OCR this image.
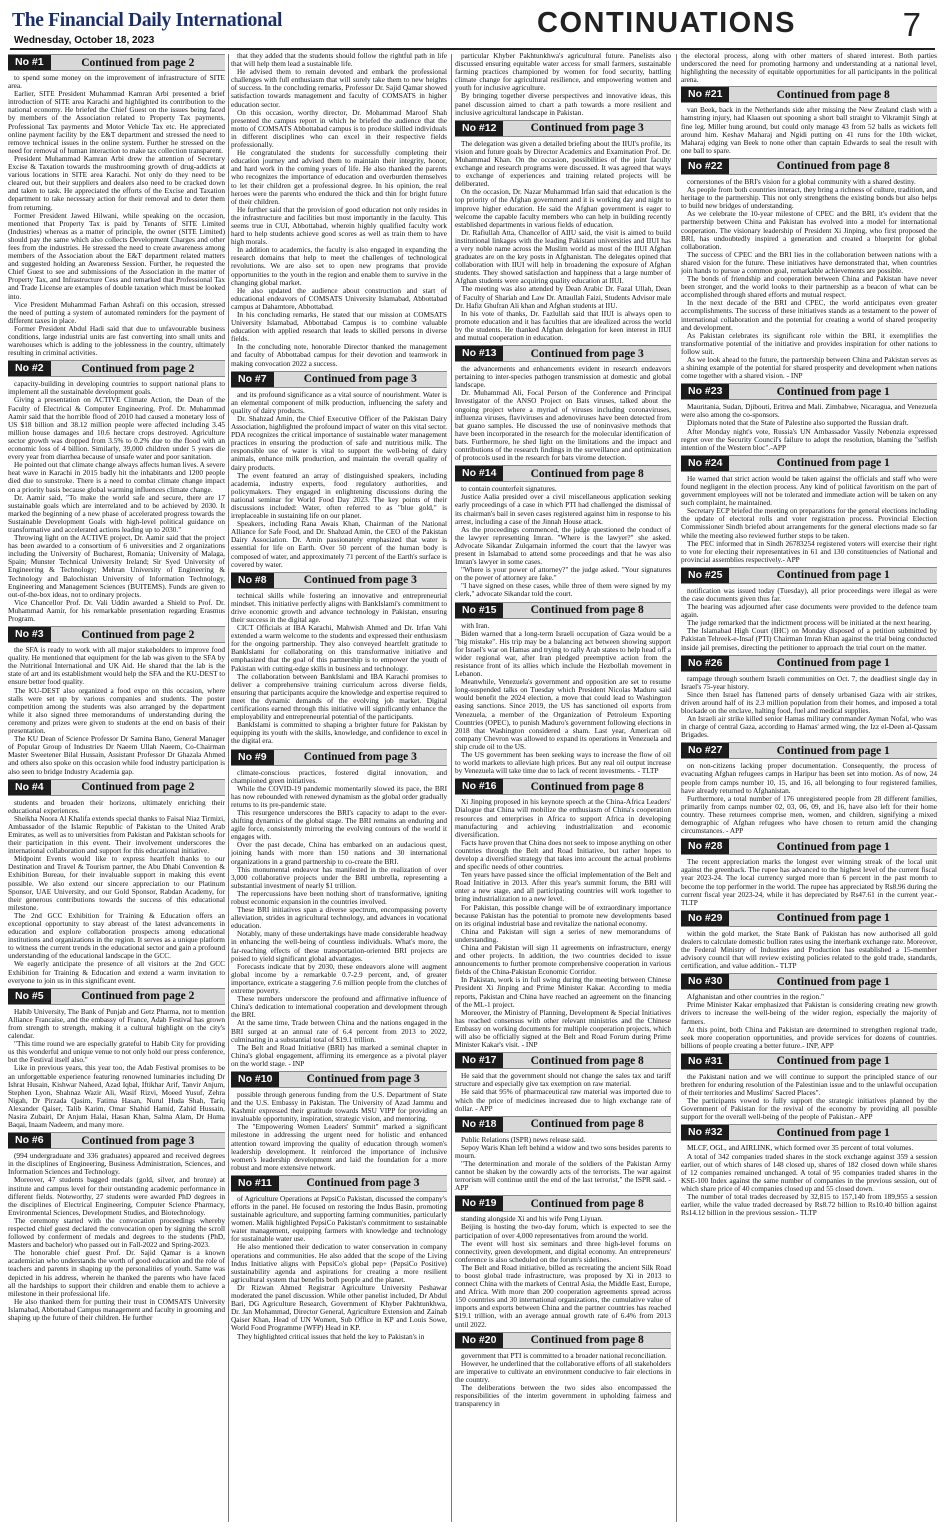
The Financial Daily International
Wednesday, October 18, 2023
CONTINUATIONS	7
No #1	Continued from page 2

to spend some money on the improvement of infrastructure of SITE area.

Earlier, SITE President Muhammad Kamran Arbi presented a brief introduction of SITE area Karachi and highlighted its contribution to the national economy. He briefed the Chief Guest on the issues being faced by members of the Association related to Property Tax payments, Professional Tax payments and Motor Vehicle Tax etc. He appreciated online payment facility by the E&T department and stressed the need to remove technical issues in the online system. Further he stressed on the need for removal of human interaction to make tax collection transparent.

President Muhammad Kamran Arbi drew the attention of Secretary Excise & Taxation towards the mushrooming growth of drug-addicts at various locations in SITE area Karachi. Not only do they need to be cleared out, but their suppliers and dealers also need to be cracked down and taken to task. He appreciated the efforts of the Excise and Taxation department to take necessary action for their removal and to deter them from returning.

Former President Jawed Hilwani, while speaking on the occasion, mentioned that Property Tax is paid by Tenants of SITE Limited (Industries) whereas as a matter of principle, the owner (SITE Limited) should pay the same which also collects Development Charges and other fees from the industries. He stressed the need to create awareness among members of the Association about the E&T department related matters and suggested holding an Awareness Session. Further, he requested the Chief Guest to see and submissions of the Association in the matter of Property Tax, and Infrastructure Cess and remarked that Professional Tax and Trade License are examples of double taxation which must be looked into.

Vice President Muhammad Farhan Ashrafi on this occasion, stressed the need of putting a system of automated reminders for the payment of different taxes in place.

Former President Abdul Hadi said that due to unfavourable business conditions, large industrial units are fast converting into small units and warehouses which is adding to the joblessness in the country, ultimately resulting in criminal activities.

No #2	Continued from page 2

capacity-building in developing countries to support national plans to implement all the sustainable development goals.

Giving a presentation on ACTIVE Climate Action, the Dean of the Faculty of Electrical & Computer Engineering, Prof. Dr. Muhammad Aamir said that the horrible flood of 2010 had caused a monetary loss of US $18 billion and 38.12 million people were affected including 3.45 million house damages and 10.6 hectare crops destroyed. Agriculture sector growth was dropped from 3.5% to 0.2% due to the flood with an economic loss of 4 billion. Similarly, 39,000 children under 5 years die every year from diarrhea because of unsafe water and poor sanitation.

He pointed out that climate change always affects human lives. A severe heat wave in Karachi in 2015 badly hit the inhabitants and 1200 people died due to sunstroke. There is a need to combat climate change impact on a priority basis because global warming influences climate change.

Dr. Aamir said, "To make the world safe and secure, there are 17 sustainable goals which are interrelated and to be achieved by 2030. It marked the beginning of a new phase of accelerated progress towards the Sustainable Development Goals with high-level political guidance on transformative and accelerated actions leading up to 2030."

Throwing light on the ACTIVE project, Dr. Aamir said that the project has been awarded to a consortium of 6 universities and 2 organizations including the University of Bucharest, Romania; University of Malaga, Spain; Munster Technical University Ireland; Sir Syed University of Engineering & Technology; Mehran University of Engineering & Technology and Balochistan University of Information Technology, Engineering and Management Sciences (BUITEMS). Funds are given to out-of-the-box ideas, not to ordinary projects.

Vice Chancellor Prof. Dr. Vali Uddin awarded a Shield to Prof. Dr. Muhammad Aamir, for his remarkable presentation regarding Erasmus Program.

No #3	Continued from page 2

the SFA is ready to work with all major stakeholders to improve food quality. He mentioned that equipment for the lab was given to the SFA by the Nutritional International and UK Aid. He shared that the lab is the state of art and its establishment would help the SFA and the KU-DEST to ensure better food quality.

The KU-DEST also organized a food expo on this occasion, where stalls were set up by various companies and students. The poster competition among the students was also arranged by the department while it also signed three memorandums of understanding during the ceremony and prizes were given to students at the end on basis of their presentation.

The KU Dean of Science Professor Dr Samina Bano, General Manager of Popular Group of Industries Dr Naeem Ullah Naeem, Co-Chairman Master Sweetener Bilal Hussain, Assistant Professor Dr Ghazala Ahmed and others also spoke on this occasion while food industry participation is also seen to bridge Industry Academia gap.

No #4	Continued from page 2

students and broaden their horizons, ultimately enriching their educational experiences.

Sheikha Noora Al Khalifa extends special thanks to Faisal Niaz Tirmizi, Ambassador of the Islamic Republic of Pakistan to the United Arab Emirates, as well as to universities from Pakistan and Pakistan schools for their participation in this event. Their involvement underscores the international collaboration and support for this educational initiative.

Midpoint Events would like to express heartfelt thanks to our Destination and Travel & Tourism partner, the Abu Dhabi Convention & Exhibition Bureau, for their invaluable support in making this event possible. We also extend our sincere appreciation to our Platinum Sponsor, UAE University, and our Gold Sponsor, Rabdan Academy, for their generous contributions towards the success of this educational milestone.

The 2nd GCC Exhibition for Training & Education offers an exceptional opportunity to stay abreast of the latest advancements in education and explore collaboration prospects among educational institutions and organizations in the region. It serves as a unique platform to witness the current trends in the educational sector and gain a profound understanding of the educational landscape in the GCC.

We eagerly anticipate the presence of all visitors at the 2nd GCC Exhibition for Training & Education and extend a warm invitation to everyone to join us in this significant event.

No #5	Continued from page 2

Habib University, The Bank of Punjab and Getz Pharma, not to mention Alliance Francaise, and the embassy of France, Adab Festival has grown from strength to strength, making it a cultural highlight on the city's calendar.

"This time round we are especially grateful to Habib City for providing us this wonderful and unique venue to not only hold our press conference, but the Festival itself also."

Like in previous years, this year too, the Adab Festival promises to be an unforgettable experience featuring renowned luminaries including Dr Ishrat Husain, Kishwar Naheed, Azad Iqbal, Iftikhar Arif, Tanvir Anjum, Stephen Lyon, Shahnaz Wazir Ali, Wasif Rizvi, Moeed Yusuf, Zehra Nigah, Dr Pirzada Qasim, Fatima Hasan, Nurul Huda Shah, Tariq Alexander Qaiser, Talib Karim, Omar Shahid Hamid, Zahid Hussain, Nasira Zubairi, Dr Anjum Halai, Hasan Khan, Salma Alam, Dr Huma Baqai, Inaam Nadeem, and many more.

No #6	Continued from page 3

(994 undergraduate and 336 graduates) appeared and received degrees in the disciplines of Engineering, Business Administration, Sciences, and Information Sciences and Technology.

Moreover, 47 students bagged medals (gold, silver, and bronze) at institute and campus level for their outstanding academic performance in different fields. Noteworthy, 27 students were awarded PhD degrees in the disciplines of Electrical Engineering, Computer Science Pharmacy, Environmental Sciences, Development Studies, and Biotechnology.

The ceremony started with the convocation proceedings whereby respected chief guest declared the convocation open by signing the scroll followed by conferment of medals and degrees to the students (PhD, Masters and bachelor) who passed out in Fall-2022 and Spring-2023.

The honorable chief guest Prof. Dr. Sajid Qamar is a known academician who understands the worth of good education and the role of teachers and parents in shaping up the personalities of youth. Same was depicted in his address, wherein he thanked the parents who have faced all the hardships to support their children and enable them to achieve a milestone in their professional life.

He also thanked them for putting their trust in COMSATS University Islamabad, Abbottabad Campus management and faculty in grooming and shaping up the future of their children. He further

that they added that the students should follow the rightful path in life that will help them lead a sustainable life.

He advised them to remain devoted and embark the professional challenges with full enthusiasm that will surely take them to new heights of success. In the concluding remarks, Professor Dr. Sajid Qamar showed satisfaction towards management and faculty of COMSATS in higher education sector.

On this occasion, worthy director, Dr. Mohammad Maroof Shah presented the campus report in which he briefed the audience that the motto of COMSATS Abbottabad campus is to produce skilled individuals in different disciplines who can excel in their respective fields professionally.

He congratulated the students for successfully completing their education journey and advised them to maintain their integrity, honor, and hard work in the coming years of life. He also thanked the parents who recognizes the importance of education and overburden themselves to let their children get a professional degree. In his opinion, the real heroes were the parents who endured the thick and thin for bright future of their children.

He further said that the provision of good education not only resides in the infrastructure and facilities but most importantly in the faculty. This seems true in CUI, Abbottabad, wherein highly qualified faculty work hard to help students achieve good scores as well as train them to have high morals.

In addition to academics, the faculty is also engaged in expanding the research domains that help to meet the challenges of technological revolutions. We are also set to open new programs that provide opportunities to the youth in the region and enable them to survive in the changing global market.

He also updated the audience about construction and start of educational endeavors of COMSATS University Islamabad, Abbottabad campus at Dahamtore, Abbottabad.

In his concluding remarks, He stated that our mission at COMSATS University Islamabad, Abbottabad Campus is to combine valuable education with applied research that leads to skilled persons in diverse fields.

In the concluding note, honorable Director thanked the management and faculty of Abbottabad campus for their devotion and teamwork in making convocation 2022 a success.

No #7	Continued from page 3

and its profound significance as a vital source of nourishment. Water is an elemental component of milk production, influencing the safety and quality of dairy products.

Dr. Shahzad Amin, the Chief Executive Officer of the Pakistan Dairy Association, highlighted the profound impact of water on this vital sector. PDA recognizes the critical importance of sustainable water management practices in ensuring the production of safe and nutritious milk. The responsible use of water is vital to support the well-being of dairy animals, enhance milk production, and maintain the overall quality of dairy products.

The event featured an array of distinguished speakers, including academia, industry experts, food regulatory authorities, and policymakers. They engaged in enlightening discussions during the national seminar for World Food Day 2023. The key points of their discussions included: Water, often referred to as "blue gold," is irreplaceable in sustaining life on our planet.

Speakers, including Rana Awais Khan, Chairman of the National Alliance for Safe Food, and Dr. Shahzad Amin, the CEO of the Pakistan Dairy Association. Dr. Amin passionately emphasized that water is essential for life on Earth. Over 50 percent of the human body is composed of water, and approximately 71 percent of the Earth's surface is covered by water.

No #8	Continued from page 3

technical skills while fostering an innovative and entrepreneurial mindset. This initiative perfectly aligns with BankIslami's commitment to drive economic growth and advance technology in Pakistan, ensuring their success in the digital age.

CICT Officials at IBA Karachi, Mahwish Ahmed and Dr. Irfan Vahi extended a warm welcome to the students and expressed their enthusiasm for the ongoing partnership. They also conveyed heartfelt gratitude to BankIslami for collaborating on this transformative initiative and emphasized that the goal of this partnership is to empower the youth of Pakistan with cutting-edge skills in business and technology.

The collaboration between BankIslami and IBA Karachi promises to deliver a comprehensive training curriculum across diverse fields, ensuring that participants acquire the knowledge and expertise required to meet the dynamic demands of the evolving job market. Digital certifications earned through this initiative will significantly enhance the employability and entrepreneurial potential of the participants.

BankIslami is committed to shaping a brighter future for Pakistan by equipping its youth with the skills, knowledge, and confidence to excel in the digital era.

No #9	Continued from page 3

climate-conscious practices, fostered digital innovation, and championed green initiatives.

While the COVID-19 pandemic momentarily slowed its pace, the BRI has now rebounded with renewed dynamism as the global order gradually returns to its pre-pandemic state.

This resurgence underscores the BRI's capacity to adapt to the ever-shifting dynamics of the global stage. The BRI remains an enduring and agile force, consistently mirroring the evolving contours of the world it engages with.

Over the past decade, China has embarked on an audacious quest, joining hands with more than 150 nations and 30 international organizations in a grand partnership to co-create the BRI.

This monumental endeavor has manifested in the realization of over 3,000 collaborative projects under the BRI umbrella, representing a substantial investment of nearly $1 trillion.

The repercussions have been nothing short of transformative, igniting robust economic expansion in the countries involved.

These BRI initiatives span a diverse spectrum, encompassing poverty alleviation, strides in agricultural technology, and advances in vocational education.

Notably, many of these undertakings have made considerable headway in enhancing the well-being of countless individuals. What's more, the far-reaching effects of these transportation-oriented BRI projects are poised to yield significant global advantages.

Forecasts indicate that by 2030, these endeavors alone will augment global income by a remarkable 0.7-2.9 percent, and, of greater importance, extricate a staggering 7.6 million people from the clutches of extreme poverty.

These numbers underscore the profound and affirmative influence of China's dedication to international cooperation and development through the BRI.

At the same time, Trade between China and the nations engaged in the BRI surged at an annual rate of 6.4 percent from 2013 to 2022, culminating in a substantial total of $19.1 trillion.

The Belt and Road Initiative (BRI) has marked a seminal chapter in China's global engagement, affirming its emergence as a pivotal player on the world stage. - INP

No #10	Continued from page 3

possible through generous funding from the U.S. Department of State and the U.S. Embassy in Pakistan. The University of Azad Jammu and Kashmir expressed their gratitude towards MSU VIPP for providing an invaluable opportunity, inspiration, strategic vision, and mentoring.

The "Empowering Women Leaders' Summit" marked a significant milestone in addressing the urgent need for holistic and enhanced attention toward improving the quality of education through women's leadership development. It reinforced the importance of inclusive women's leadership development and laid the foundation for a more robust and more extensive network.

No #11	Continued from page 3

of Agriculture Operations at PepsiCo Pakistan, discussed the company's efforts in the panel. He focused on restoring the Indus Basin, promoting sustainable agriculture, and supporting farming communities, particularly women. Malik highlighted PepsiCo Pakistan's commitment to sustainable water management, equipping farmers with knowledge and technology for sustainable water use.

He also mentioned their dedication to water conservation in company operations and communities. He also added that the scope of the Living Indus Initiative aligns with PepsiCo's global pep+ (PepsiCo Positive) sustainability agenda and aspirations for creating a more resilient agricultural system that benefits both people and the planet.

Dr Rizwan Ahmed Registrar Agriculture University Peshawar moderated the panel discussion. While other panelist included, Dr Abdul Bari, DG Agriculture Research, Government of Khyber Pakhtunkhwa, Dr. Jan Mohammad, Director General, Agriculture Extension and Zainab Qaiser Khan, Head of UN Women, Sub Office in KP and Louis Sowe, World Food Programme (WFP) Head in KP.

They highlighted critical issues that held the key to Pakistan's in

particular Khyber Pakhtunkhwa's agricultural future. Panelists also discussed ensuring equitable water access for small farmers, sustainable farming practices championed by women for food security, battling climate change for agricultural resilience, and empowering women and youth for inclusive agriculture.

By bringing together diverse perspectives and innovative ideas, this panel discussion aimed to chart a path towards a more resilient and inclusive agricultural landscape in Pakistan.

No #12	Continued from page 3

The delegation was given a detailed briefing about the IIUI's profile, its vision and future goals by Director Academics and Examination Prof. Dr. Muhammad Khan. On the occasion, possibilities of the joint faculty exchange and research programs were discussed. It was agreed that ways to exchange of experiences and training related projects will be deliberated.

On the occasion, Dr. Nazar Muhammad Irfan said that education is the top priority of the Afghan government and it is working day and night to improve higher education. He said the Afghan government is eager to welcome the capable faculty members who can help in building recently established departments in various fields of education.

Dr. Rafiullah Atta, Chancellor of AIIU said, the visit is aimed to build institutional linkages with the leading Pakistani universities and IIUI has a very noble name across the Muslim world as most of the IIUI Afghan graduates are on the key posts in Afghanistan. The delegates opined that collaboration with IIUI will help in broadening the exposure of Afghan students. They showed satisfaction and happiness that a large number of Afghan students were acquiring quality education at IIUI.

The meeting was also attended by Dean Arabic Dr. Fazal Ullah, Dean of Faculty of Shariah and Law Dr. Attaullah Faizi, Students Advisor male Dr. Hafiz Ghufran Ali khan and Afghan students at IIU.

In his vote of thanks, Dr. Fazlullah said that IIUI is always open to promote education and it has faculties that are idealized across the world by the students. He thanked Afghan delegation for keen interest in IIUI and mutual cooperation in education.

No #13	Continued from page 3

the advancements and enhancements evident in research endeavors pertaining to inter-species pathogen transmission at domestic and global landscape.

Dr. Muhammad Ali, Focal Person of the Conference and Principal Investigator of the ANSO Project on Bats viruses, talked about the ongoing project where a myriad of viruses including coronaviruses, influenza viruses, flaviviruses and adenoviruses have been detected from bat guano samples. He discussed the use of noninvasive methods that have been incorporated in the research for the molecular identification of bats. Furthermore, he shed light on the limitations and the impact and contributions of the research findings in the surveillance and optimization of protocols used in the research for bats virome detection.

No #14	Continued from page 8

to contain counterfeit signatures.

Justice Aalia presided over a civil miscellaneous application seeking early proceedings of a case in which PTI had challenged the dismissal of its chairman's bail in seven cases registered against him in response to his arrest, including a case of the Jinnah House attack.

As the proceedings commenced, the judge questioned the conduct of the lawyer representing Imran. "Where is the lawyer?" she asked. Advocate Sikandar Zulqarnain informed the court that the lawyer was present in Islamabad to attend some proceedings and that he was also Imran's lawyer in some cases.

"Where is your power of attorney?" the judge asked. "Your signatures on the power of attorney are fake."

"I have signed on these cases, while three of them were signed by my clerk," advocate Sikandar told the court.

No #15	Continued from page 8

with Iran.

Biden warned that a long-term Israeli occupation of Gaza would be a "big mistake". His trip may be a balancing act between showing support for Israel's war on Hamas and trying to rally Arab states to help head off a wider regional war, after Iran pledged preemptive action from the resistance front of its allies which include the Hezbollah movement in Lebanon.

Meanwhile, Venezuela's government and opposition are set to resume long-suspended talks on Tuesday which President Nicolas Maduro said would benefit the 2024 election, a move that could lead to Washington easing sanctions. Since 2019, the US has sanctioned oil exports from Venezuela, a member of the Organization of Petroleum Exporting Countries (OPEC), to punish Maduro's government following elections in 2018 that Washington considered a sham. Last year, American oil company Chevron was allowed to expand its operations in Venezuela and ship crude oil to the US.

The US government has been seeking ways to increase the flow of oil to world markets to alleviate high prices. But any real oil output increase by Venezuela will take time due to lack of recent investments. - TLTP

No #16	Continued from page 8

Xi Jinping proposed in his keynote speech at the China-Africa Leaders' Dialogue that China will mobilize the enthusiasm of China's cooperation resources and enterprises in Africa to support Africa in developing manufacturing and achieving industrialization and economic diversification.

Facts have proven that China does not seek to impose anything on other countries through the Belt and Road Initiative, but rather hopes to develop a diversified strategy that takes into account the actual problems and specific needs of other countries.

Ten years have passed since the official implementation of the Belt and Road Initiative in 2013. After this year's summit forum, the BRI will enter a new stage, and all participating countries will work together to bring industrialization to a new level.

For Pakistan, this possible change will be of extraordinary importance because Pakistan has the potential to promote new developments based on its original industrial base and revitalize the national economy.

China and Pakistan will sign a series of new memorandums of understanding.

China and Pakistan will sign 11 agreements on infrastructure, energy and other projects. In addition, the two countries decided to issue announcements to further promote comprehensive cooperation in various fields of the China-Pakistan Economic Corridor.

In Pakistan, work is in full swing during the meeting between Chinese President Xi Jinping and Prime Minister Kakar. According to media reports, Pakistan and China have reached an agreement on the financing of the ML-1 project.

Moreover, the Ministry of Planning, Development & Special Initiatives has reached consensus with other relevant ministries and the Chinese Embassy on working documents for multiple cooperation projects, which will also be officially signed at the Belt and Road Forum during Prime Minister Kakar's visit. - INP

No #17	Continued from page 8

He said that the government should not change the sales tax and tariff structure and especially give tax exemption on raw material.

He said that 95% of pharmaceutical raw material was imported due to which the price of medicines increased due to high exchange rate of dollar. - APP

No #18	Continued from page 8

Public Relations (ISPR) news release said.

Sepoy Waris Khan left behind a widow and two sons besides parents to mourn.

"The determination and morale of the soldiers of the Pakistan Army cannot be shaken by the cowardly acts of the terrorists. The war against terrorism will continue until the end of the last terrorist," the ISPR said. - APP

No #19	Continued from page 8

standing alongside Xi and his wife Peng Liyuan.

Beijing is hosting the two-day forum, which is expected to see the participation of over 4,000 representatives from around the world.

The event will host six seminars and three high-level forums on connectivity, green development, and digital economy. An entrepreneurs' conference is also scheduled on the forum's sidelines.

The Belt and Road initiative, billed as recreating the ancient Silk Road to boost global trade infrastructure, was proposed by Xi in 2013 to connect China with the markets of Central Asia, the Middle East, Europe, and Africa. With more than 200 cooperation agreements spread across 150 countries and 30 international organizations, the cumulative value of imports and exports between China and the partner countries has reached $19.1 trillion, with an average annual growth rate of 6.4% from 2013 until 2022.

No #20	Continued from page 8

government that PTI is committed to a broader national reconciliation.

However, he underlined that the collaborative efforts of all stakeholders are imperative to cultivate an environment conducive to fair elections in the country.

The deliberations between the two sides also encompassed the responsibilities of the interim government in upholding fairness and transparency in

the electoral process, along with other matters of shared interest. Both parties underscored the need for promoting harmony and understanding at a national level, highlighting the necessity of equitable opportunities for all participants in the political arena.

No #21	Continued from page 8

van Beek, back in the Netherlands side after missing the New Zealand clash with a hamstring injury, had Klaasen out spooning a short ball straight to Vikramjit Singh at fine leg. Miller hung around, but could only manage 43 from 52 balls as wickets fell around him. Keshav Maharaj and Ngidi putting on 41 runs for the 10th wicket, Maharaj edging van Beek to none other than captain Edwards to seal the result with one ball to spare.

No #22	Continued from page 8

cornerstones of the BRI's vision for a global community with a shared destiny.

As people from both countries interact, they bring a richness of culture, tradition, and heritage to the partnership. This not only strengthens the existing bonds but also helps to build new bridges of understanding.

As we celebrate the 10-year milestone of CPEC and the BRI, it's evident that the partnership between China and Pakistan has evolved into a model for international cooperation. The visionary leadership of President Xi Jinping, who first proposed the BRI, has undoubtedly inspired a generation and created a blueprint for global collaboration.

The success of CPEC and the BRI lies in the collaboration between nations with a shared vision for the future. These initiatives have demonstrated that, when countries join hands to pursue a common goal, remarkable achievements are possible.

The bonds of friendship and cooperation between China and Pakistan have never been stronger, and the world looks to their partnership as a beacon of what can be accomplished through shared efforts and mutual respect.

In the next decade of the BRI and CPEC, the world anticipates even greater accomplishments. The success of these initiatives stands as a testament to the power of international collaboration and the potential for creating a world of shared prosperity and development.

As Pakistan celebrates its significant role within the BRI, it exemplifies the transformative potential of the initiative and provides inspiration for other nations to follow suit.

As we look ahead to the future, the partnership between China and Pakistan serves as a shining example of the potential for shared prosperity and development when nations come together with a shared vision. - INP

No #23	Continued from page 1

Mauritania, Sudan, Djibouti, Eritrea and Mali. Zimbabwe, Nicaragua, and Venezuela were also among the co-sponsors.

Diplomats noted that the State of Palestine also supported the Russian draft.

After Monday night's vote, Russia's UN Ambassador Vassily Nebenzia expressed regret over the Security Council's failure to adopt the resolution, blaming the "selfish intention of the Western bloc".-APP

No #24	Continued from page 1

He warned that strict action would be taken against the officials and staff who were found negligent in the election process. Any kind of political favoritism on the part of government employees will not be tolerated and immediate action will be taken on any such complaint, he maintained.

Secretary ECP briefed the meeting on preparations for the general elections including the update of electoral rolls and voter registration process. Provincial Election Commissioner Sindh briefed about arrangements for the general elections made so far while the meeting also reviewed further steps to be taken.

The PEC informed that in Sindh 26783254 registered voters will exercise their right to vote for electing their representatives in 61 and 130 constituencies of National and provincial assemblies respectively.- APP

No #25	Continued from page 1

notification was issued today (Tuesday), all prior proceedings were illegal as were the case documents given thus far.

The hearing was adjourned after case documents were provided to the defence team again.

The judge remarked that the indictment process will be initiated at the next hearing.

The Islamabad High Court (IHC) on Monday disposed of a petition submitted by Pakistan Tehreek-e-Insaf (PTI) Chairman Imran Khan against the trial being conducted inside jail premises, directing the petitioner to approach the trial court on the matter.

No #26	Continued from page 1

rampage through southern Israeli communities on Oct. 7, the deadliest single day in Israel's 75-year history.

Since then Israel has flattened parts of densely urbanised Gaza with air strikes, driven around half of its 2.3 million population from their homes, and imposed a total blockade on the enclave, halting food, fuel and medical supplies.

An Israeli air strike killed senior Hamas military commander Ayman Nofal, who was in charge of central Gaza, according to Hamas' armed wing, the Izz el-Deen al-Qassam Brigades.

No #27	Continued from page 1

on non-citizens lacking proper documentation. Consequently, the process of evacuating Afghan refugees camps in Haripur has been set into motion. As of now, 24 people from camps number 10, 15, and 16, all belonging to four registered families, have already returned to Afghanistan.

Furthermore, a total number of 176 unregistered people from 28 different families, primarily from camps number 02, 03, 06, 09, and 16, have also left for their home country. These returnees comprise men, women, and children, signifying a mixed demographic of Afghan refugees who have chosen to return amid the changing circumstances. - APP

No #28	Continued from page 1

The recent appreciation marks the longest ever winning streak of the local unit against the greenback. The rupee has advanced to the highest level of the current fiscal year 2023-24. The local currency surged more than 6 percent in the past month to become the top performer in the world. The rupee has appreciated by Rs8.96 during the current fiscal year 2023-24, while it has depreciated by Rs47.61 in the current year.- TLTP

No #29	Continued from page 1

within the gold market, the State Bank of Pakistan has now authorised all gold dealers to calculate domestic bullion rates using the interbank exchange rate. Moreover, the Federal Ministry of Industries and Production has established a 15-member advisory council that will review existing policies related to the gold trade, standards, certification, and value addition.- TLTP

No #30	Continued from page 1

Afghanistan and other countries in the region."

Prime Minister Kakar emphasized that Pakistan is considering creating new growth drivers to increase the well-being of the wider region, especially the majority of farmers.

At this point, both China and Pakistan are determined to strengthen regional trade, seek more cooperation opportunities, and provide services for dozens of countries. billions of people creating a better future.- INP, APP

No #31	Continued from page 1

the Pakistani nation and we will continue to support the principled stance of our brethren for enduring resolution of the Palestinian issue and to the unlawful occupation of their territories and Muslims' Sacred Places".

The participants vowed to fully support the strategic initiatives planned by the Government of Pakistan for the revival of the economy by providing all possible support for the overall well-being of the people of Pakistan.- APP

No #32	Continued from page 1

MLCF, OGL, and AIRLINK, which formed over 35 percent of total volumes.

A total of 342 companies traded shares in the stock exchange against 359 a session earlier, out of which shares of 148 closed up, shares of 182 closed down while shares of 12 companies remained unchanged. A total of 95 companies traded shares in the KSE-100 Index against the same number of companies in the previous session, out of which share price of 40 companies closed up and 55 closed down.

The number of total trades decreased by 32,815 to 157,140 from 189,955 a session earlier, while the value traded decreased by Rs8.72 billion to Rs10.40 billion against Rs14.12 billion in the previous session.- TLTP
